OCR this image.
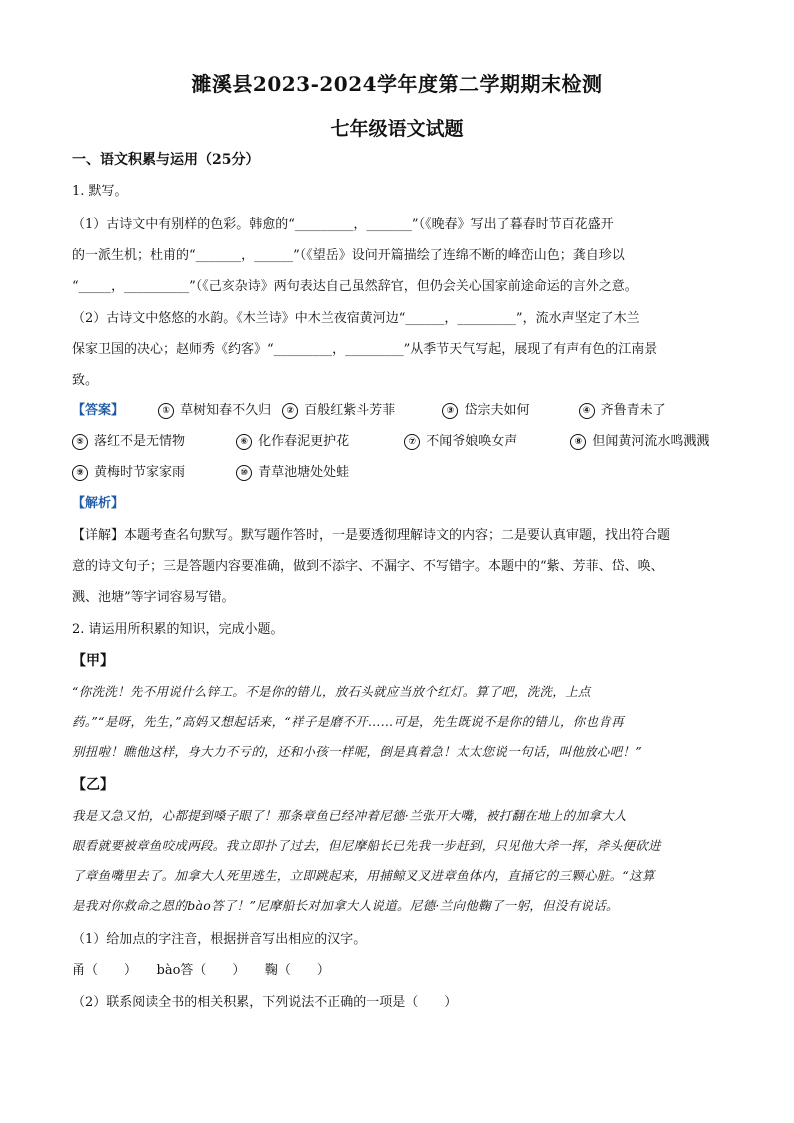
濉溪县2023-2024学年度第二学期期末检测
七年级语文试题
一、语文积累与运用（25分）
1. 默写。
（1）古诗文中有别样的色彩。韩愈的“_________，_______”（《晚春》写出了暮春时节百花盛开
的一派生机；杜甫的“_______，______”（《望岳》设问开篇描绘了连绵不断的峰峦山色；龚自珍以
“_____，__________”（《己亥杂诗》两句表达自己虽然辞官，但仍会关心国家前途命运的言外之意。
（2）古诗文中悠悠的水韵。《木兰诗》中木兰夜宿黄河边“______，_________”，流水声坚定了木兰
保家卫国的决心；赵师秀《约客》“_________，_________”从季节天气写起，展现了有声有色的江南景
致。
【答案】	① 草树知春不久归 ② 百般红紫斗芳菲	③ 岱宗夫如何	④ 齐鲁青未了
⑤ 落红不是无情物	⑥ 化作春泥更护花	⑦ 不闻爷娘唤女声	⑧ 但闻黄河流水鸣溅溅
⑨ 黄梅时节家家雨	⑩ 青草池塘处处蛙
【解析】
【详解】本题考查名句默写。默写题作答时，一是要透彻理解诗文的内容；二是要认真审题，找出符合题
意的诗文句子；三是答题内容要准确，做到不添字、不漏字、不写错字。本题中的“紫、芳菲、岱、唤、
溅、池塘”等字词容易写错。
2. 请运用所积累的知识，完成小题。
【甲】
“你洗洗！先不用说什么锌工。不是你的错儿，放石头就应当放个红灯。算了吧，洗洗，上点
药。”“是呀，先生，”高妈又想起话来，“祥子是磨不开……可是，先生既说不是你的错儿，你也肯再
别扭啦！瞧他这样，身大力不亏的，还和小孩一样呢，倒是真着急！太太您说一句话，叫他放心吧！”
【乙】
我是又急又怕，心都提到嗓子眼了！那条章鱼已经冲着尼德·兰张开大嘴，被打翻在地上的加拿大人
眼看就要被章鱼咬成两段。我立即扑了过去，但尼摩船长已先我一步赶到，只见他大斧一挥，斧头便砍进
了章鱼嘴里去了。加拿大人死里逃生，立即跳起来，用捕鲸叉叉进章鱼体内，直捅它的三颗心脏。“这算
是我对你救命之恩的bào答了！”尼摩船长对加拿大人说道。尼德·兰向他鞠了一躬，但没有说话。
（1）给加点的字注音，根据拼音写出相应的汉字。
甬（　　）　　bào答（　　）　　鞠（　　）
（2）联系阅读全书的相关积累，下列说法不正确的一项是（　　）
